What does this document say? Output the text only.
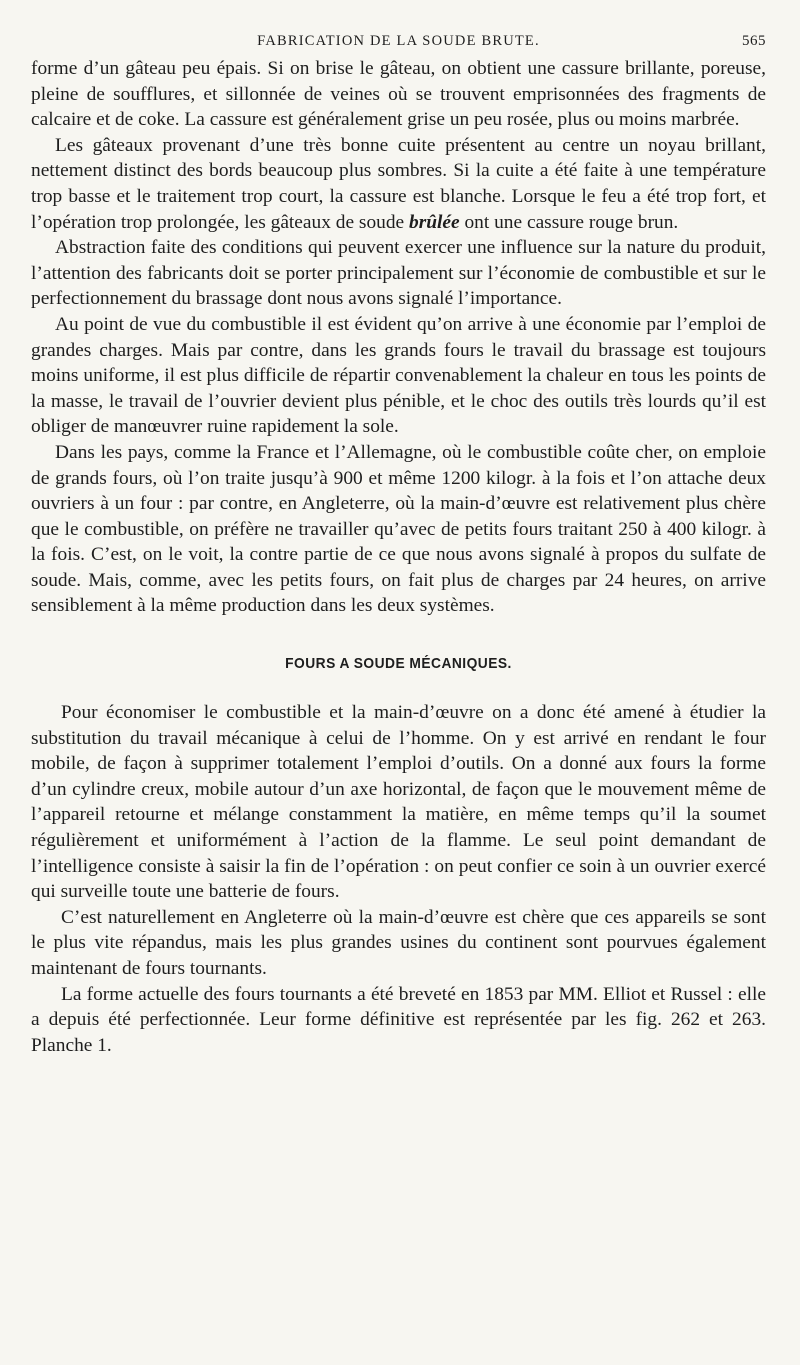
FABRICATION DE LA SOUDE BRUTE.	565

forme d’un gâteau peu épais. Si on brise le gâteau, on obtient une cassure brillante, poreuse, pleine de soufflures, et sillonnée de veines où se trouvent emprisonnées des fragments de calcaire et de coke. La cassure est généralement grise un peu rosée, plus ou moins marbrée.

Les gâteaux provenant d’une très bonne cuite présentent au centre un noyau brillant, nettement distinct des bords beaucoup plus sombres. Si la cuite a été faite à une température trop basse et le traitement trop court, la cassure est blanche. Lorsque le feu a été trop fort, et l’opération trop prolongée, les gâteaux de soude brûlée ont une cassure rouge brun.

Abstraction faite des conditions qui peuvent exercer une influence sur la nature du produit, l’attention des fabricants doit se porter principalement sur l’économie de combustible et sur le perfectionnement du brassage dont nous avons signalé l’importance.

Au point de vue du combustible il est évident qu’on arrive à une économie par l’emploi de grandes charges. Mais par contre, dans les grands fours le travail du brassage est toujours moins uniforme, il est plus difficile de répartir convenablement la chaleur en tous les points de la masse, le travail de l’ouvrier devient plus pénible, et le choc des outils très lourds qu’il est obliger de manœuvrer ruine rapidement la sole.

Dans les pays, comme la France et l’Allemagne, où le combustible coûte cher, on emploie de grands fours, où l’on traite jusqu’à 900 et même 1200 kilogr. à la fois et l’on attache deux ouvriers à un four : par contre, en Angleterre, où la main-d’œuvre est relativement plus chère que le combustible, on préfère ne travailler qu’avec de petits fours traitant 250 à 400 kilogr. à la fois. C’est, on le voit, la contre partie de ce que nous avons signalé à propos du sulfate de soude. Mais, comme, avec les petits fours, on fait plus de charges par 24 heures, on arrive sensiblement à la même production dans les deux systèmes.

FOURS A SOUDE MÉCANIQUES.

Pour économiser le combustible et la main-d’œuvre on a donc été amené à étudier la substitution du travail mécanique à celui de l’homme. On y est arrivé en rendant le four mobile, de façon à supprimer totalement l’emploi d’outils. On a donné aux fours la forme d’un cylindre creux, mobile autour d’un axe horizontal, de façon que le mouvement même de l’appareil retourne et mélange constamment la matière, en même temps qu’il la soumet régulièrement et uniformément à l’action de la flamme. Le seul point demandant de l’intelligence consiste à saisir la fin de l’opération : on peut confier ce soin à un ouvrier exercé qui surveille toute une batterie de fours.

C’est naturellement en Angleterre où la main-d’œuvre est chère que ces appareils se sont le plus vite répandus, mais les plus grandes usines du continent sont pourvues également maintenant de fours tournants.

La forme actuelle des fours tournants a été breveté en 1853 par MM. Elliot et Russel : elle a depuis été perfectionnée. Leur forme définitive est représentée par les fig. 262 et 263. Planche 1.
